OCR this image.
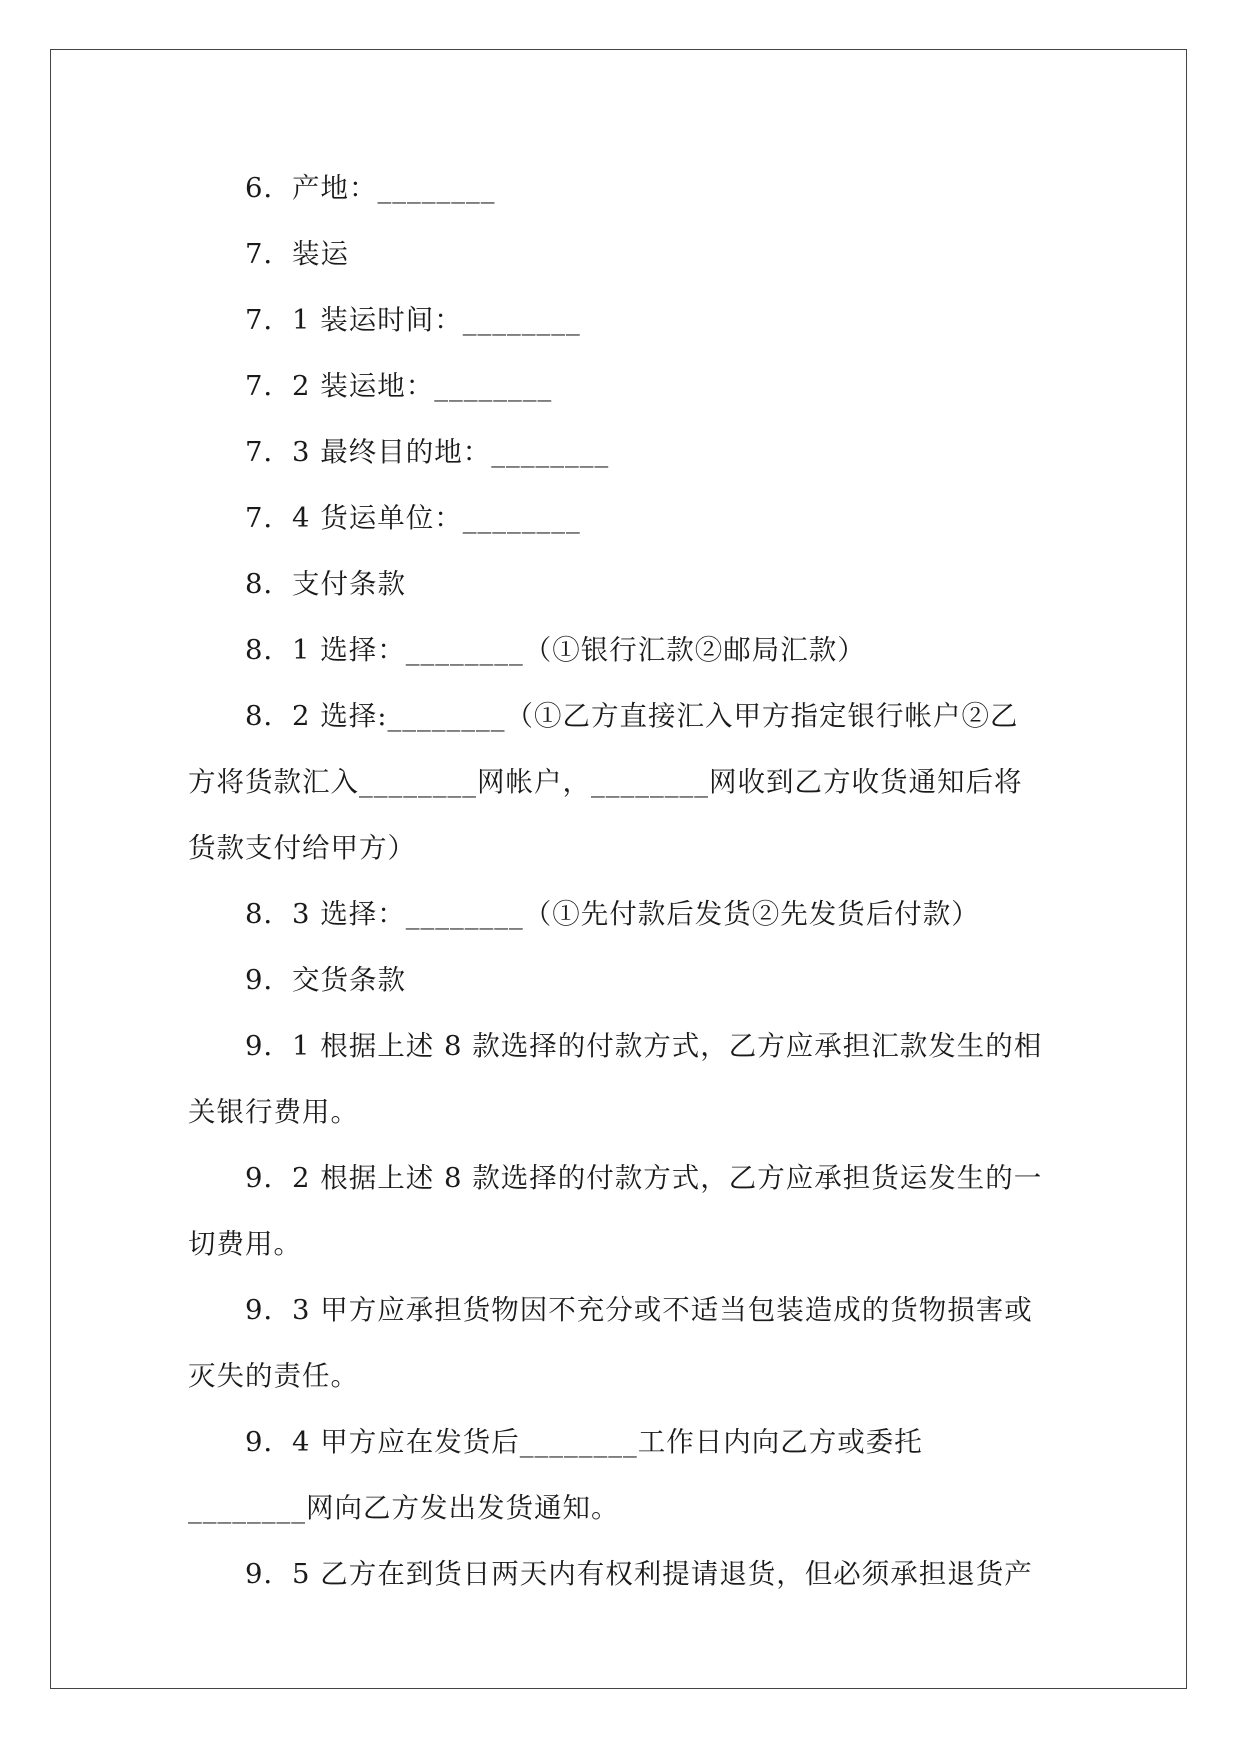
6．产地：________

7．装运

7．1 装运时间：________

7．2 装运地：________

7．3 最终目的地：________

7．4 货运单位：________

8．支付条款

8．1 选择：________（①银行汇款②邮局汇款）

8．2 选择:________（①乙方直接汇入甲方指定银行帐户②乙

方将货款汇入________网帐户，________网收到乙方收货通知后将

货款支付给甲方）

8．3 选择：________（①先付款后发货②先发货后付款）

9．交货条款

9．1 根据上述 8 款选择的付款方式，乙方应承担汇款发生的相

关银行费用。

9．2 根据上述 8 款选择的付款方式，乙方应承担货运发生的一

切费用。

9．3 甲方应承担货物因不充分或不适当包装造成的货物损害或

灭失的责任。

9．4 甲方应在发货后________工作日内向乙方或委托

________网向乙方发出发货通知。

9．5 乙方在到货日两天内有权利提请退货，但必须承担退货产
